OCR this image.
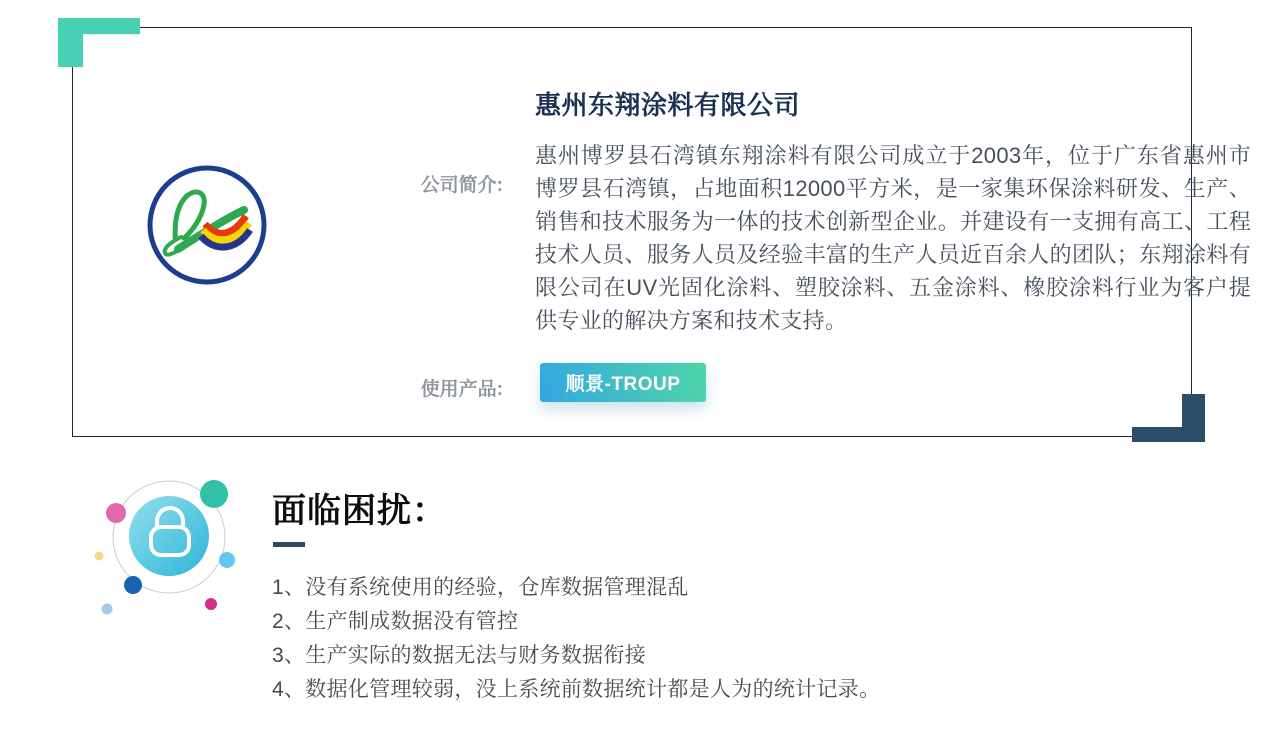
惠州东翔涂料有限公司
公司简介:
惠州博罗县石湾镇东翔涂料有限公司成立于2003年，位于广东省惠州市博罗县石湾镇，占地面积12000平方米，是一家集环保涂料研发、生产、销售和技术服务为一体的技术创新型企业。并建设有一支拥有高工、工程技术人员、服务人员及经验丰富的生产人员近百余人的团队；东翔涂料有限公司在UV光固化涂料、塑胶涂料、五金涂料、橡胶涂料行业为客户提供专业的解决方案和技术支持。
使用产品:	顺景-TROUP
面临困扰：
1、没有系统使用的经验，仓库数据管理混乱
2、生产制成数据没有管控
3、生产实际的数据无法与财务数据衔接
4、数据化管理较弱，没上系统前数据统计都是人为的统计记录。
